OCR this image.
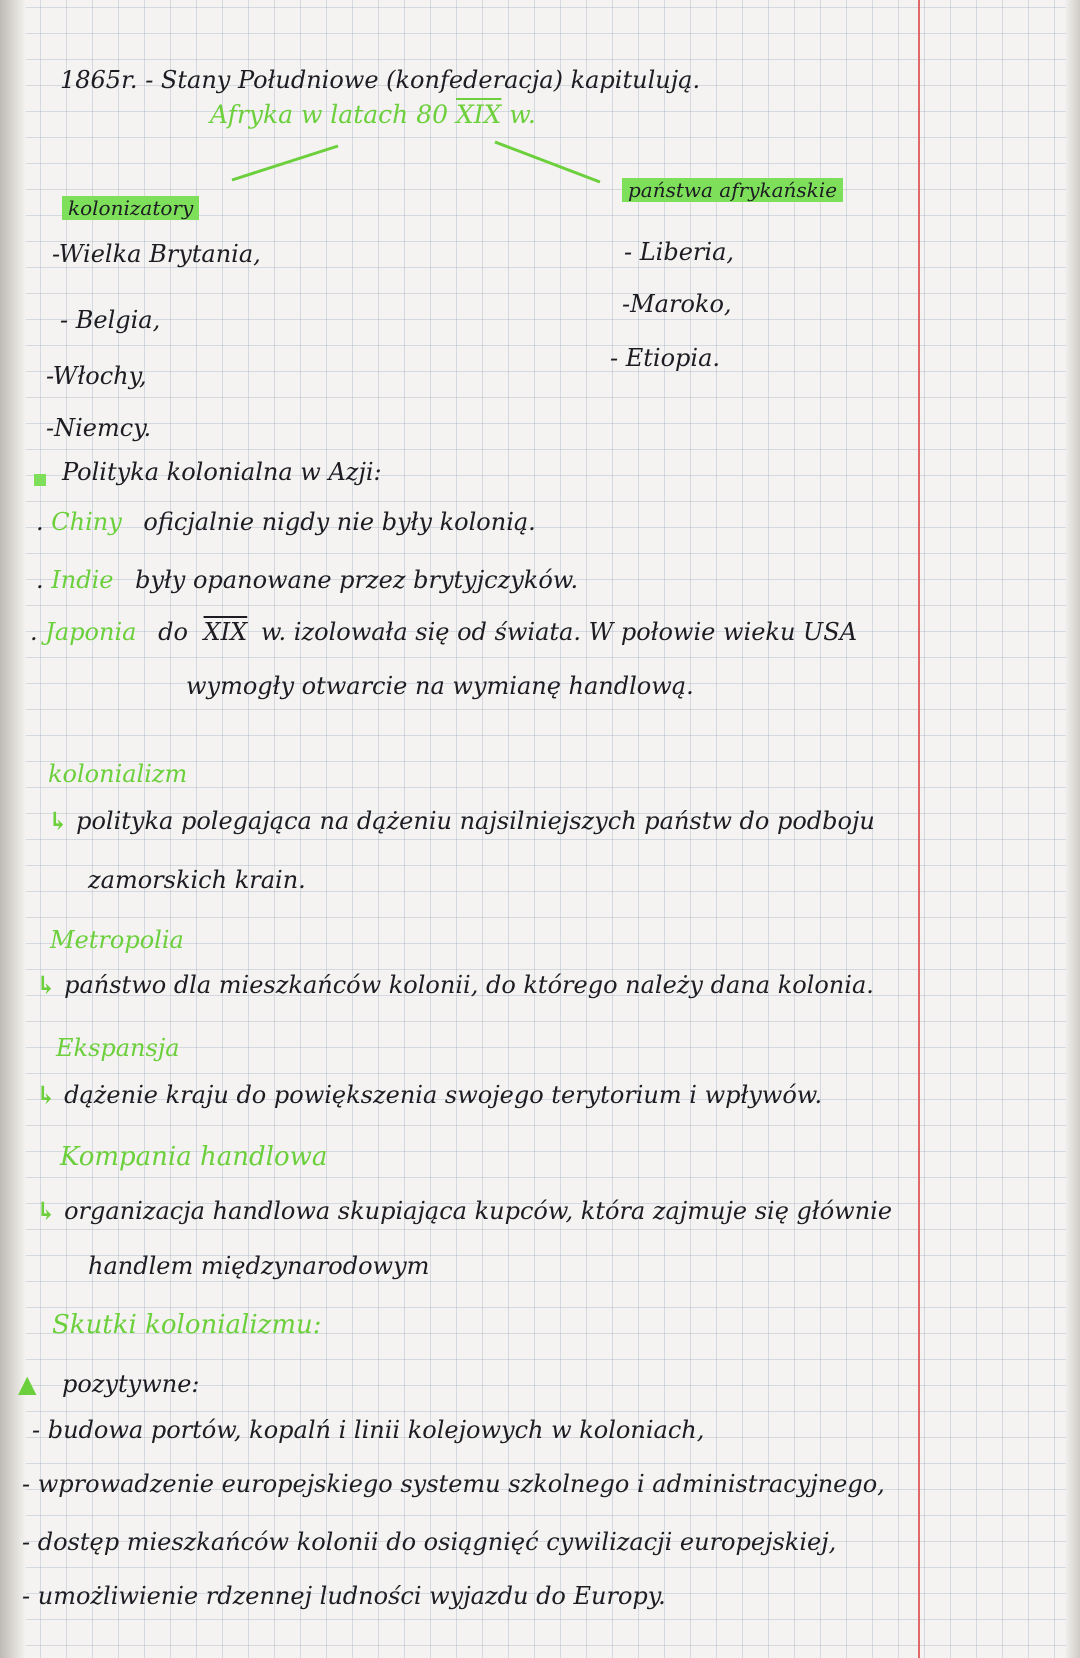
1865r. - Stany Południowe (konfederacja) kapitulują.
Afryka w latach 80 $\overline{XIX}$ w.
kolonizatory
-Wielka Brytania,
- Belgia,
-Włochy,
-Niemcy.
państwa afrykańskie
- Liberia,
-Maroko,
- Etiopia.
Polityka kolonialna w Azji:
. Chiny oficjalnie nigdy nie były kolonią.
. Indie były opanowane przez brytyjczyków.
. Japonia do $\overline{XIX}$ w. izolowała się od świata. W połowie wieku USA
wymogły otwarcie na wymianę handlową.
kolonializm
↳ polityka polegająca na dążeniu najsilniejszych państw do podboju
zamorskich krain.
Metropolia
↳ państwo dla mieszkańców kolonii, do którego należy dana kolonia.
Ekspansja
↳ dążenie kraju do powiększenia swojego terytorium i wpływów.
Kompania handlowa
↳ organizacja handlowa skupiająca kupców, która zajmuje się głównie
handlem międzynarodowym
Skutki kolonializmu:
▲ pozytywne:
- budowa portów, kopalń i linii kolejowych w koloniach,
- wprowadzenie europejskiego systemu szkolnego i administracyjnego,
- dostęp mieszkańców kolonii do osiągnięć cywilizacji europejskiej,
- umożliwienie rdzennej ludności wyjazdu do Europy.
